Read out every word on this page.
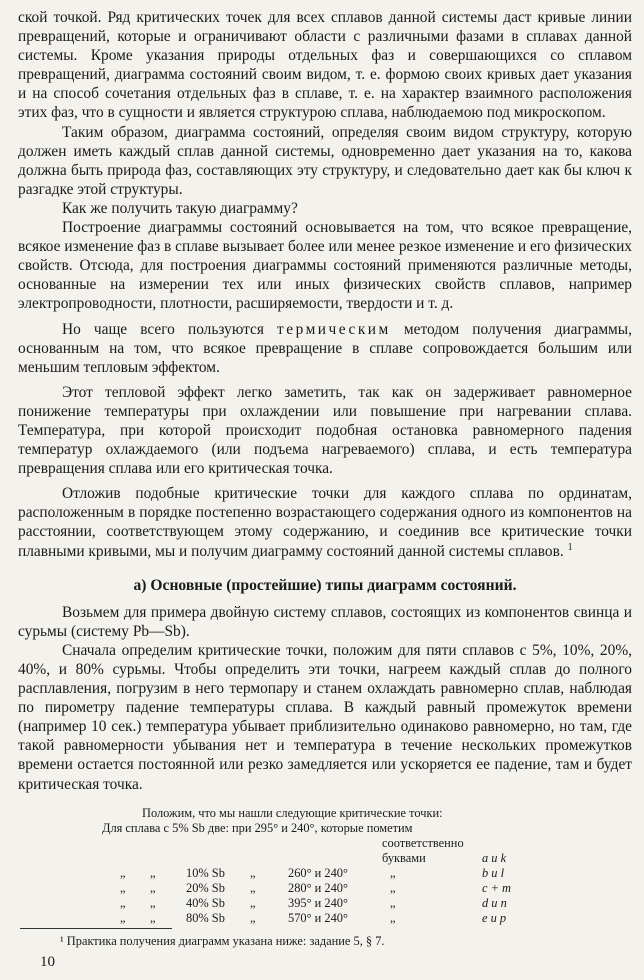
ской точкой. Ряд критических точек для всех сплавов данной системы даст кривые линии превращений, которые и ограничивают области с различными фазами в сплавах данной системы. Кроме указания природы отдельных фаз и совершающихся со сплавом превращений, диаграмма состояний своим видом, т. е. формою своих кривых дает указания и на способ сочетания отдельных фаз в сплаве, т. е. на характер взаимного расположения этих фаз, что в сущности и является структурою сплава, наблюдаемою под микроскопом.

Таким образом, диаграмма состояний, определяя своим видом структуру, которую должен иметь каждый сплав данной системы, одновременно дает указания на то, какова должна быть природа фаз, составляющих эту структуру, и следовательно дает как бы ключ к разгадке этой структуры.

Как же получить такую диаграмму?

Построение диаграммы состояний основывается на том, что всякое превращение, всякое изменение фаз в сплаве вызывает более или менее резкое изменение и его физических свойств. Отсюда, для построения диаграммы состояний применяются различные методы, основанные на измерении тех или иных физических свойств сплавов, например электропроводности, плотности, расширяемости, твердости и т. д.

Но чаще всего пользуются термическим методом получения диаграммы, основанным на том, что всякое превращение в сплаве сопровождается большим или меньшим тепловым эффектом.

Этот тепловой эффект легко заметить, так как он задерживает равномерное понижение температуры при охлаждении или повышение при нагревании сплава. Температура, при которой происходит подобная остановка равномерного падения температур охлаждаемого (или подъема нагреваемого) сплава, и есть температура превращения сплава или его критическая точка.

Отложив подобные критические точки для каждого сплава по ординатам, расположенным в порядке постепенно возрастающего содержания одного из компонентов на расстоянии, соответствующем этому содержанию, и соединив все критические точки плавными кривыми, мы и получим диаграмму состояний данной системы сплавов. $^1$

а) Основные (простейшие) типы диаграмм состояний.

Возьмем для примера двойную систему сплавов, состоящих из компонентов свинца и сурьмы (систему Pb—Sb).

Сначала определим критические точки, положим для пяти сплавов с 5%, 10%, 20%, 40%, и 80% сурьмы. Чтобы определить эти точки, нагреем каждый сплав до полного расплавления, погрузим в него термопару и станем охлаждать равномерно сплав, наблюдая по пирометру падение температуры сплава. В каждый равный промежуток времени (например 10 сек.) температура убывает приблизительно одинаково равномерно, но там, где такой равномерности убывания нет и температура в течение нескольких промежутков времени остается постоянной или резко замедляется или ускоряется ее падение, там и будет критическая точка.

Положим, что мы нашли следующие критические точки:
Для сплава с 5% Sb две: при 295° и 240°, которые пометим
соответственно
буквами	a и k
„ „ 10% Sb „	260° и 240°	„	b и l
„ „ 20% Sb „	280° и 240°	„	c + m
„ „ 40% Sb „	395° и 240°	„	d и n
„ „ 80% Sb „	570° и 240°	„	e и p
¹ Практика получения диаграмм указана ниже: задание 5, § 7.
10
